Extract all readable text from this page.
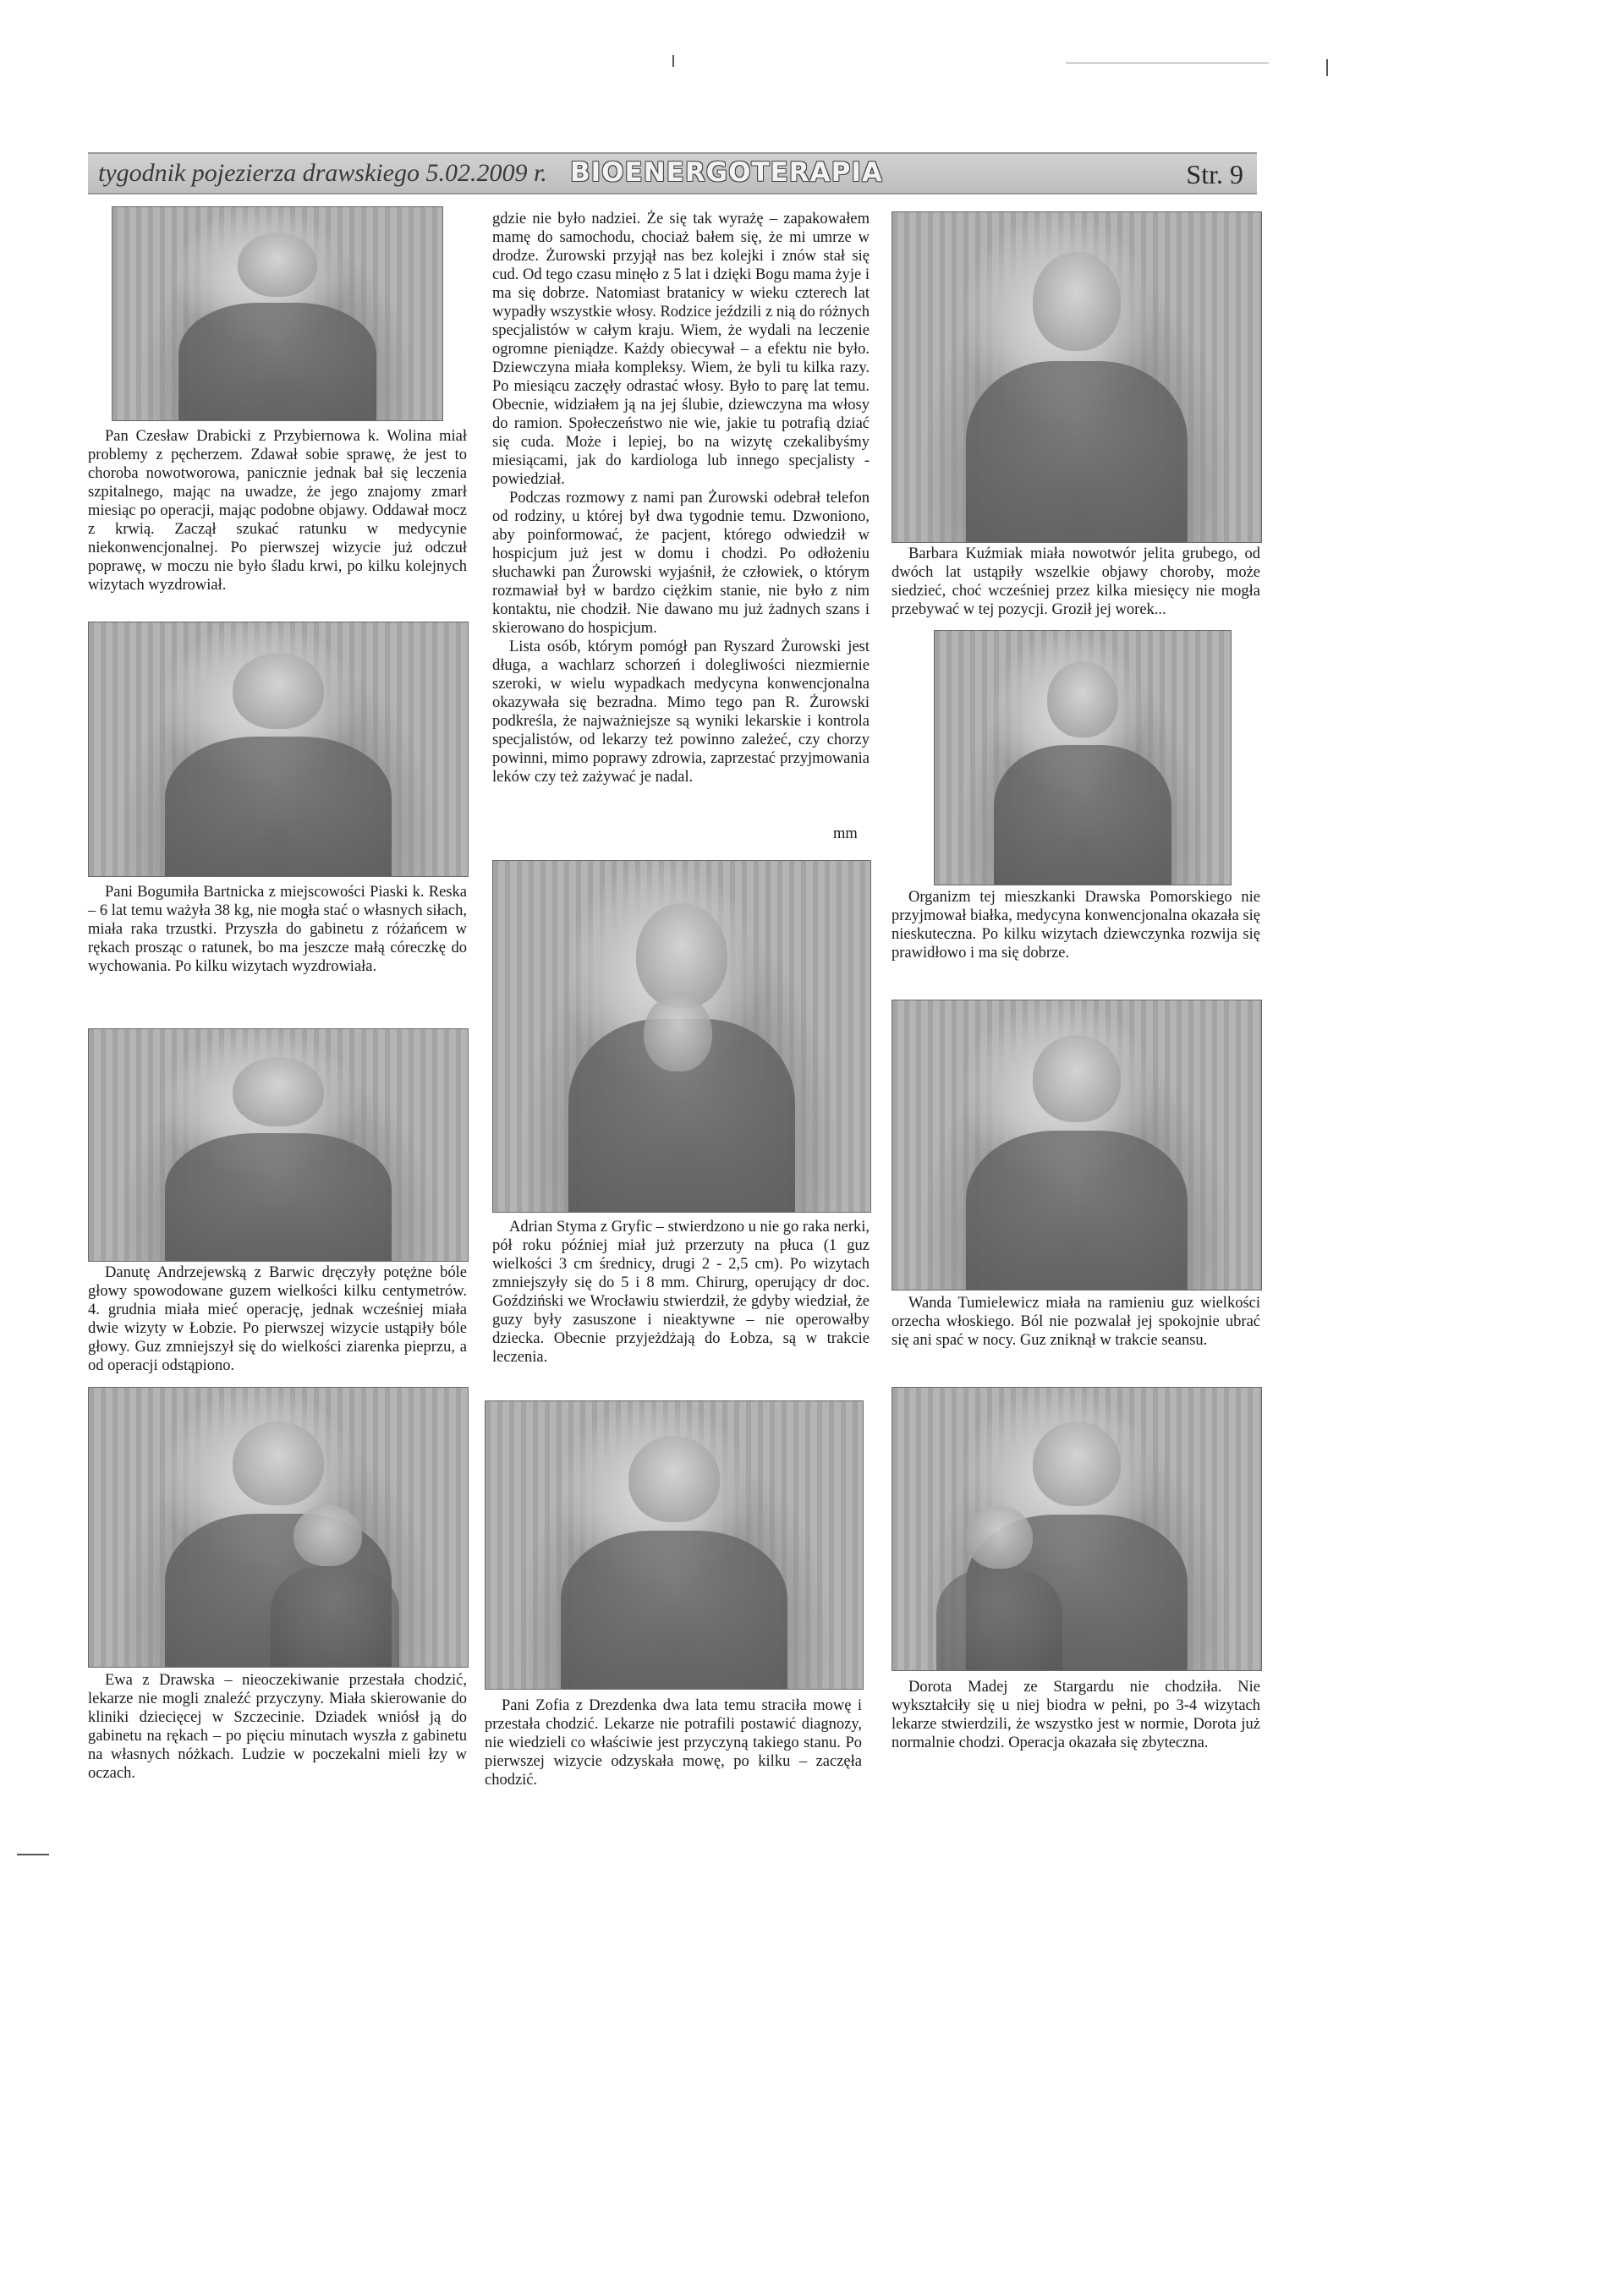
tygodnik pojezierza drawskiego 5.02.2009 r. BIOENERGOTERAPIA	Str. 9
Pan Czesław Drabicki z Przybiernowa k. Wolina miał problemy z pęcherzem. Zdawał sobie sprawę, że jest to choroba nowotworowa, panicznie jednak bał się leczenia szpitalnego, mając na uwadze, że jego znajomy zmarł miesiąc po operacji, mając podobne objawy. Oddawał mocz z krwią. Zaczął szukać ratunku w medycynie niekonwencjonalnej. Po pierwszej wizycie już odczuł poprawę, w moczu nie było śladu krwi, po kilku kolejnych wizytach wyzdrowiał.
Pani Bogumiła Bartnicka z miejscowości Piaski k. Reska – 6 lat temu ważyła 38 kg, nie mogła stać o własnych siłach, miała raka trzustki. Przyszła do gabinetu z różańcem w rękach prosząc o ratunek, bo ma jeszcze małą córeczkę do wychowania. Po kilku wizytach wyzdrowiała.
Danutę Andrzejewską z Barwic dręczyły potężne bóle głowy spowodowane guzem wielkości kilku centymetrów. 4. grudnia miała mieć operację, jednak wcześniej miała dwie wizyty w Łobzie. Po pierwszej wizycie ustąpiły bóle głowy. Guz zmniejszył się do wielkości ziarenka pieprzu, a od operacji odstąpiono.
Ewa z Drawska – nieoczekiwanie przestała chodzić, lekarze nie mogli znaleźć przyczyny. Miała skierowanie do kliniki dziecięcej w Szczecinie. Dziadek wniósł ją do gabinetu na rękach – po pięciu minutach wyszła z gabinetu na własnych nóżkach. Ludzie w poczekalni mieli łzy w oczach.

gdzie nie było nadziei. Że się tak wyrażę – zapakowałem mamę do samochodu, chociaż bałem się, że mi umrze w drodze. Żurowski przyjął nas bez kolejki i znów stał się cud. Od tego czasu minęło z 5 lat i dzięki Bogu mama żyje i ma się dobrze. Natomiast bratanicy w wieku czterech lat wypadły wszystkie włosy. Rodzice jeździli z nią do różnych specjalistów w całym kraju. Wiem, że wydali na leczenie ogromne pieniądze. Każdy obiecywał – a efektu nie było. Dziewczyna miała kompleksy. Wiem, że byli tu kilka razy. Po miesiącu zaczęły odrastać włosy. Było to parę lat temu. Obecnie, widziałem ją na jej ślubie, dziewczyna ma włosy do ramion. Społeczeństwo nie wie, jakie tu potrafią dziać się cuda. Może i lepiej, bo na wizytę czekalibyśmy miesiącami, jak do kardiologa lub innego specjalisty - powiedział.

Podczas rozmowy z nami pan Żurowski odebrał telefon od rodziny, u której był dwa tygodnie temu. Dzwoniono, aby poinformować, że pacjent, którego odwiedził w hospicjum już jest w domu i chodzi. Po odłożeniu słuchawki pan Żurowski wyjaśnił, że człowiek, o którym rozmawiał był w bardzo ciężkim stanie, nie było z nim kontaktu, nie chodził. Nie dawano mu już żadnych szans i skierowano do hospicjum.

Lista osób, którym pomógł pan Ryszard Żurowski jest długa, a wachlarz schorzeń i dolegliwości niezmiernie szeroki, w wielu wypadkach medycyna konwencjonalna okazywała się bezradna. Mimo tego pan R. Żurowski podkreśla, że najważniejsze są wyniki lekarskie i kontrola specjalistów, od lekarzy też powinno zależeć, czy chorzy powinni, mimo poprawy zdrowia, zaprzestać przyjmowania leków czy też zażywać je nadal.

mm
Adrian Styma z Gryfic – stwierdzono u nie go raka nerki, pół roku później miał już przerzuty na płuca (1 guz wielkości 3 cm średnicy, drugi 2 - 2,5 cm). Po wizytach zmniejszyły się do 5 i 8 mm. Chirurg, operujący dr doc. Goździński we Wrocławiu stwierdził, że gdyby wiedział, że guzy były zasuszone i nieaktywne – nie operowałby dziecka. Obecnie przyjeżdżają do Łobza, są w trakcie leczenia.
Pani Zofia z Drezdenka dwa lata temu straciła mowę i przestała chodzić. Lekarze nie potrafili postawić diagnozy, nie wiedzieli co właściwie jest przyczyną takiego stanu. Po pierwszej wizycie odzyskała mowę, po kilku – zaczęła chodzić.
Barbara Kuźmiak miała nowotwór jelita grubego, od dwóch lat ustąpiły wszelkie objawy choroby, może siedzieć, choć wcześniej przez kilka miesięcy nie mogła przebywać w tej pozycji. Groził jej worek...
Organizm tej mieszkanki Drawska Pomorskiego nie przyjmował białka, medycyna konwencjonalna okazała się nieskuteczna. Po kilku wizytach dziewczynka rozwija się prawidłowo i ma się dobrze.
Wanda Tumielewicz miała na ramieniu guz wielkości orzecha włoskiego. Ból nie pozwalał jej spokojnie ubrać się ani spać w nocy. Guz zniknął w trakcie seansu.
Dorota Madej ze Stargardu nie chodziła. Nie wykształciły się u niej biodra w pełni, po 3-4 wizytach lekarze stwierdzili, że wszystko jest w normie, Dorota już normalnie chodzi. Operacja okazała się zbyteczna.
